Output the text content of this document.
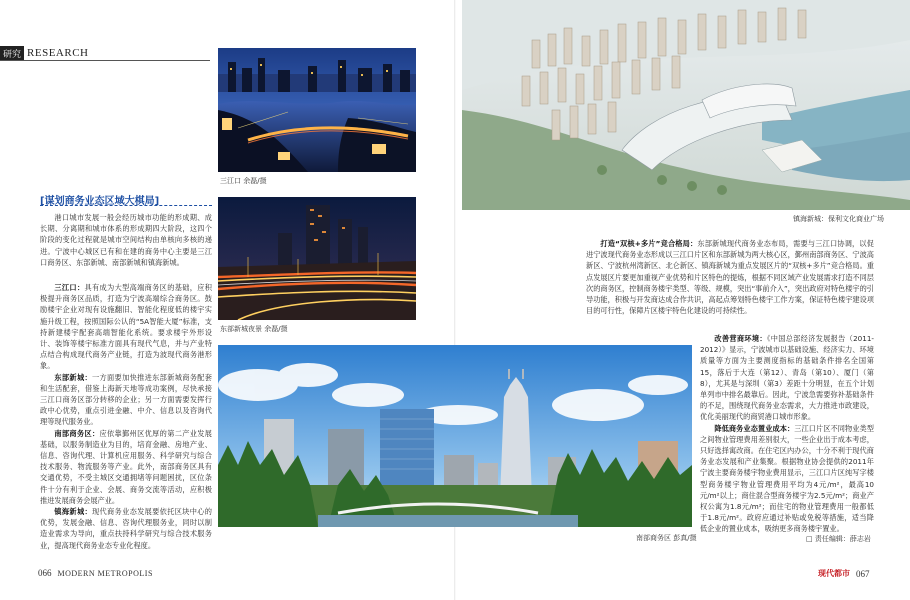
研究 RESEARCH
三江口 余磊/摄
东部新城夜景 余磊/摄
镇海新城：保利文化商业广场
南部商务区 彭真/摄
[谋划商务业态区域大棋局]

港口城市发展一般会经历城市功能的形成期、成长期、分离期和城市体系的形成期四大阶段，这四个阶段的变化过程就是城市空间结构由单核向多核的递进。宁波中心城区已有和在建的商务中心主要是三江口商务区、东部新城、南部新城和镇海新城。

三江口：具有成为大型高端商务区的基础，应积极提升商务区品质，打造为宁波高端综合商务区。鼓励楼宇企业对现有设施翻旧、智能化程度低的楼宇实施升级工程，按照国际公认的“5A智能大厦”标准，支持新建楼宇配套高端智能化系统。要求楼宇外形设计、装饰等楼宇标准方面具有现代气息，并与产业特点结合构成现代商务产业链，打造为波现代商务港形象。

东部新城：一方面要加快推进东部新城商务配套和生活配套，借鉴上海新天地等成功案例，尽快承接三江口商务区部分转移的企业；另一方面需要发挥行政中心优势，重点引进金融、中介、信息以及咨询代理等现代服务业。

南部商务区：应依靠鄞州区优厚的第二产业发展基础，以服务制造业为目的，培育金融、房地产业、信息、咨询代理、计算机应用服务、科学研究与综合技术服务、物流服务等产业。此外，南部商务区具有交通优势，不受主城区交通拥堵等问题困扰，区位条件十分有利于企业、会展、商务交流等活动，应积极推进发展商务会展产业。

镇海新城：现代商务业态发展要依托区块中心的优势，发展金融、信息、咨询代理服务业，同时以制造业需求为导向，重点扶持科学研究与综合技术服务业，提高现代商务业态专业化程度。

打造“双核+多片”竞合格局：东部新城现代商务业态布局，需要与三江口协调，以促进宁波现代商务业态形成以三江口片区和东部新城为两大核心区，鄞州南部商务区、宁波高新区、宁波杭州湾新区、北仑新区、镇海新城为重点发展区片的“双核+多片”竞合格局。重点发展区片要更加重视产业优势和片区特色的提炼，根据不同区域产业发展需求打造不同层次的商务区，控制商务楼宇类型、等级、规模，突出“事前介入”，突出政府对特色楼宇的引导功能，积极与开发商达成合作共识，高起点筹划特色楼宇工作方案，保证特色楼宇建设项目的可行性，保障片区楼宇特色化建设的可持续性。

改善营商环境：《中国总部经济发展报告（2011-2012）》显示，宁波城市以基础设施、经济实力、环境质量等方面为主要测度指标的基础条件排名全国第15，落后于大连（第12）、青岛（第10）、厦门（第8），尤其是与深圳（第3）差距十分明显，在五个计划单列市中排名最靠后。因此，宁波急需要弥补基础条件的不足，围绕现代商务业态需求，大力推进市政建设，优化美丽现代的商贸港口城市形象。

降低商务业态置业成本：三江口片区不同物业类型之间物业管理费用差别很大，一些企业出于成本考虑，只好选择寓改商。在住宅区内办公，十分不利于现代商务业态发展和产业集聚。根据物业协会提供的2011年宁波主要商务楼宇物业费用显示，三江口片区纯写字楼型商务楼宇物业管理费用平均为4元/m²，最高10元/m²以上；商住混合型商务楼宇为2.5元/m²；商业产权公寓为1.8元/m²；而住宅的物业管理费用一般都低于1.8元/m²。政府应通过补贴或免税等措施，适当降低企业的置业成本，吸纳更多商务楼宇置业。

□ 责任编辑：薛志岩
066 MODERN METROPOLIS	现代都市 067
